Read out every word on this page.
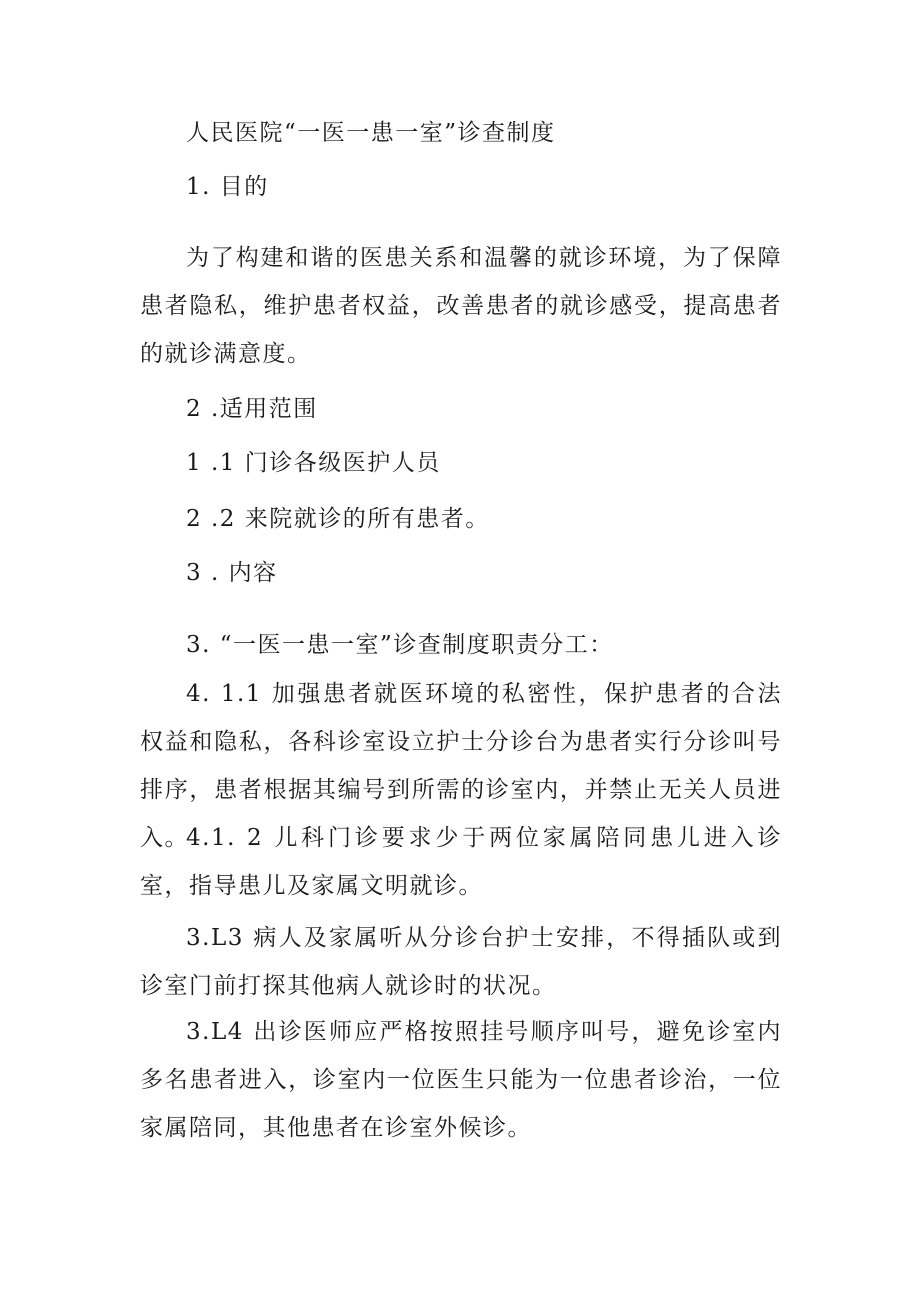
人民医院“一医一患一室”诊查制度
1. 目的
为了构建和谐的医患关系和温馨的就诊环境，为了保障患者隐私，维护患者权益，改善患者的就诊感受，提高患者的就诊满意度。
2 .适用范围
1 .1 门诊各级医护人员
2 .2 来院就诊的所有患者。
3 . 内容
3. “一医一患一室”诊查制度职责分工：
4. 1.1 加强患者就医环境的私密性，保护患者的合法权益和隐私，各科诊室设立护士分诊台为患者实行分诊叫号排序，患者根据其编号到所需的诊室内，并禁止无关人员进入。
4.1. 2 儿科门诊要求少于两位家属陪同患儿进入诊室，指导患儿及家属文明就诊。
3.L3 病人及家属听从分诊台护士安排，不得插队或到诊室门前打探其他病人就诊时的状况。
3.L4 出诊医师应严格按照挂号顺序叫号，避免诊室内多名患者进入，诊室内一位医生只能为一位患者诊治，一位家属陪同，其他患者在诊室外候诊。
